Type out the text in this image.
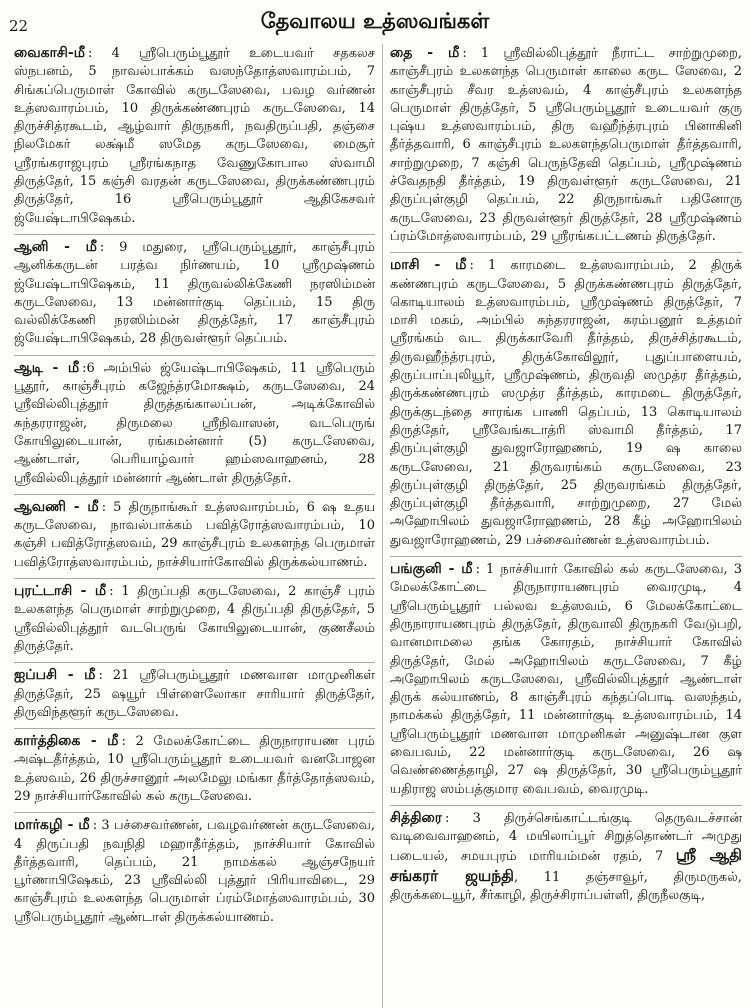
22	தேவாலய உத்ஸவங்கள்
வைகாசி-மீ : 4 ஸ்ரீபெரும்பூதூர் உடையவர் சதகலச ஸ்நபனம், 5 நாவல்பாக்கம் வஸந்தோத்ஸவாரம்பம், 7 சிங்கப்பெருமாள் கோவில் கருடஸேவை, பவழ வர்ணன் உத்ஸவாரம்பம், 10 திருக்கண்ணபுரம் கருடஸேவை, 14 திருச்சித்ரகூடம், ஆழ்வார் திருநகரி, நவதிருப்பதி, தஞ்சை நிலமேகர் லக்ஷ்மீ ஸமேத கருடஸேவை, மைசூர் ஸ்ரீரங்கராஜபுரம் ஸ்ரீரங்கநாத வேணுகோபால ஸ்வாமி திருத்தேர், 15 கஞ்சி வரதன் கருடஸேவை, திருக்கண்ணபுரம் திருத்தேர், 16 ஸ்ரீபெரும்பூதூர் ஆதிகேசவர் ஜ்யேஷ்டாபிஷேகம்.
ஆனி - மீ : 9 மதுரை, ஸ்ரீபெரும்பூதூர், காஞ்சீபுரம் ஆனிக்கருடன் பரத்வ நிர்ணயம், 10 ஸ்ரீமுஷ்ணம் ஜ்யேஷ்டாபிஷேகம், 11 திருவல்லிக்கேணி நரஸிம்மன் கருடஸேவை, 13 மன்னார்குடி தெப்பம், 15 திரு வல்லிக்கேணி நரஸிம்மன் திருத்தேர், 17 காஞ்சீபுரம் ஜ்யேஷ்டாபிஷேகம், 28 திருவள்ளூர் தெப்பம்.
ஆடி - மீ :6 அம்பில் ஜ்யேஷ்டாபிஷேகம், 11 ஸ்ரீபெரும் பூதூர், காஞ்சீபுரம் கஜேந்த்ரமோக்ஷம், கருடஸேவை, 24 ஸ்ரீவில்லிபுத்தூர் திருத்தங்காலப்பன், அடிக்கோவில் சுந்தரராஜன், திருமலை ஸ்ரீநிவாஸன், வடபெருங் கோயிலுடையான், ரங்கமன்னார் (5) கருடஸேவை, ஆண்டாள், பெரியாழ்வார் ஹம்ஸவாஹனம், 28 ஸ்ரீவில்லிபுத்தூர் மன்னார் ஆண்டாள் திருத்தேர்.
ஆவணி - மீ : 5 திருநாங்கூர் உத்ஸவாரம்பம், 6 ஷ உதய கருடஸேவை, நாவல்பாக்கம் பவித்ரோத்ஸவாரம்பம், 10 கஞ்சி பவித்ரோத்ஸவம், 29 காஞ்சீபுரம் உலகளந்த பெருமாள் பவித்ரோத்ஸவாரம்பம், நாச்சியார்கோவில் திருக்கல்யாணம்.
புரட்டாசி - மீ : 1 திருப்பதி கருடஸேவை, 2 காஞ்சீ புரம் உலகளந்த பெருமாள் சாற்றுமுறை, 4 திருப்பதி திருத்தேர், 5 ஸ்ரீவில்லிபுத்தூர் வடபெருங் கோயிலுடையான், குணசீலம் திருத்தேர்.
ஐப்பசி - மீ : 21 ஸ்ரீபெரும்பூதூர் மணவாள மாமுனிகள் திருத்தேர், 25 ஷயூர் பிள்ளைலோகா சாரியார் திருத்தேர், திருவிந்தளூர் கருடஸேவை.
கார்த்திகை - மீ : 2 மேலக்கோட்டை திருநாராயண புரம் அஷ்டதீர்த்தம், 10 ஸ்ரீபெரும்பூதூர் உடையவர் வனபோஜன உத்ஸவம், 26 திருச்சானூர் அலமேலு மங்கா தீர்த்தோத்ஸவம், 29 நாச்சியார்கோவில் கல் கருடஸேவை.
மார்கழி - மீ : 3 பச்சைவர்ணன், பவழவர்ணன் கருடஸேவை, 4 திருப்பதி நவநிதி மஹாதீர்த்தம், நாச்சியார் கோவில் தீர்த்தவாரி, தெப்பம், 21 நாமக்கல் ஆஞ்சநேயர் பூர்ணாபிஷேகம், 23 ஸ்ரீவில்லி புத்தூர் பிரியாவிடை, 29 காஞ்சீபுரம் உலகளந்த பெருமாள் ப்ரம்மோத்ஸவாரம்பம், 30 ஸ்ரீபெரும்பூதூர் ஆண்டாள் திருக்கல்யாணம்.
தை - மீ : 1 ஸ்ரீவில்லிபுத்தூர் நீராட்ட சாற்றுமுறை, காஞ்சீபுரம் உலகளந்த பெருமாள் காலை கருட ஸேவை, 2 காஞ்சீபுரம் சீவர உத்ஸவம், 4 காஞ்சீபுரம் உலகளந்த பெருமாள் திருத்தேர், 5 ஸ்ரீபெரும்பூதூர் உடையவர் குரு புஷ்ய உத்ஸவாரம்பம், திரு வஹீந்த்ரபுரம் பினாகினி தீர்த்தவாரி, 6 காஞ்சீபுரம் உலகளந்தபெருமாள் தீர்த்தவாரி, சாற்றுமுறை, 7 கஞ்சி பெருந்தேவி தெப்பம், ஸ்ரீமுஷ்ணம் ச்வேதநதி தீர்த்தம், 19 திருவள்ளூர் கருடஸேவை, 21 திருப்புள்குழி தெப்பம், 22 திருநாங்கூர் பதினோரு கருடஸேவை, 23 திருவள்ளூர் திருத்தேர், 28 ஸ்ரீமுஷ்ணம் ப்ரம்மோத்ஸவாரம்பம், 29 ஸ்ரீரங்கபட்டணம் திருத்தேர்.
மாசி - மீ : 1 காரமடை உத்ஸவாரம்பம், 2 திருக் கண்ணபுரம் கருடஸேவை, 5 திருக்கண்ணபுரம் திருத்தேர், கொடியாலம் உத்ஸவாரம்பம், ஸ்ரீமுஷ்ணம் திருத்தேர், 7 மாசி மகம், அம்பில் சுந்தரராஜன், கரம்பனூர் உத்தமர் ஸ்ரீரங்கம் வட திருக்காவேரி தீர்த்தம், திருச்சித்ரகூடம், திருவஹீந்த்ரபுரம், திருக்கோவிலூர், புதுப்பாளையம், திருப்பாப்புலியூர், ஸ்ரீமுஷ்ணம், திருவதி ஸமுத்ர தீர்த்தம், திருக்கண்ணபுரம் ஸமுத்ர தீர்த்தம், காரமடை திருத்தேர், திருக்குடந்தை சாரங்க பாணி தெப்பம், 13 கொடியாலம் திருத்தேர், ஸ்ரீவேங்கடாத்ரி ஸ்வாமி தீர்த்தம், 17 திருப்புள்குழி துவஜாரோஹணம், 19 ஷ காலை கருடஸேவை, 21 திருவரங்கம் கருடஸேவை, 23 திருப்புள்குழி திருத்தேர், 25 திருவரங்கம் திருத்தேர், திருப்புள்குழி தீர்த்தவாரி, சாற்றுமுறை, 27 மேல் அஹோபிலம் துவஜாரோஹணம், 28 கீழ் அஹோபிலம் துவஜாரோஹணம், 29 பச்சைவர்ணன் உத்ஸவாரம்பம்.
பங்குனி - மீ : 1 நாச்சியார் கோவில் கல் கருடஸேவை, 3 மேலக்கோட்டை திருநாராயணபுரம் வைரமுடி, 4 ஸ்ரீபெரும்பூதூர் பல்லவ உத்ஸவம், 6 மேலக்கோட்டை திருநாராயணபுரம் திருத்தேர், திருவாலி திருநகரி வேடுபறி, வானமாமலை தங்க கோரதம், நாச்சியார் கோவில் திருத்தேர், மேல் அஹோபிலம் கருடஸேவை, 7 கீழ் அஹோபிலம் கருடஸேவை, ஸ்ரீவில்லிபுத்தூர் ஆண்டாள் திருக் கல்யாணம், 8 காஞ்சீபுரம் கந்தப்பொடி வஸந்தம், நாமக்கல் திருத்தேர், 11 மன்னார்குடி உத்ஸவாரம்பம், 14 ஸ்ரீபெரும்பூதூர் மணவாள மாமுனிகள் அனுஷ்டான குள வைபவம், 22 மன்னார்குடி கருடஸேவை, 26 ஷ வெண்ணைத்தாழி, 27 ஷ திருத்தேர், 30 ஸ்ரீபெரும்பூதூர் யதிராஜ ஸம்பத்குமார வைபவம், வைரமுடி.
சித்திரை : 3 திருச்செங்காட்டங்குடி தெருவடச்சான் வடிவைவாஹனம், 4 மயிலாப்பூர் சிறுத்தொண்டர் அமுது படையல், சமயபுரம் மாரியம்மன் ரதம், 7 ஸ்ரீ ஆதி சங்கரர் ஜயந்தி, 11 தஞ்சாவூர், திருமருகல், திருக்கடையூர், சீர்காழி, திருச்சிராப்பள்ளி, திருநீலகுடி,
